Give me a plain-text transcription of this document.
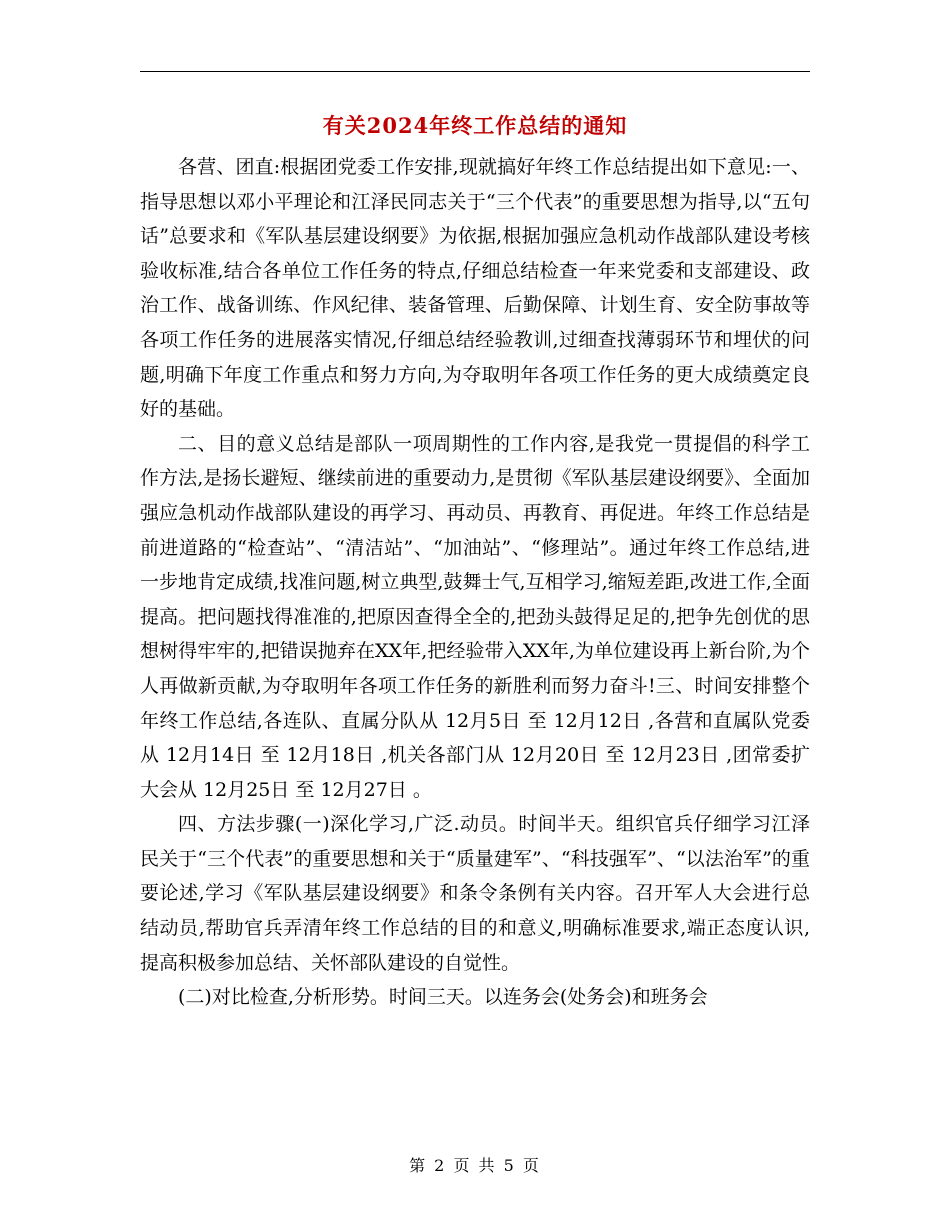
有关2024年终工作总结的通知

各营、团直:根据团党委工作安排,现就搞好年终工作总结提出如下意见:一、指导思想以邓小平理论和江泽民同志关于“三个代表”的重要思想为指导,以“五句话”总要求和《军队基层建设纲要》为依据,根据加强应急机动作战部队建设考核验收标准,结合各单位工作任务的特点,仔细总结检查一年来党委和支部建设、政治工作、战备训练、作风纪律、装备管理、后勤保障、计划生育、安全防事故等各项工作任务的进展落实情况,仔细总结经验教训,过细查找薄弱环节和埋伏的问题,明确下年度工作重点和努力方向,为夺取明年各项工作任务的更大成绩奠定良好的基础。

二、目的意义总结是部队一项周期性的工作内容,是我党一贯提倡的科学工作方法,是扬长避短、继续前进的重要动力,是贯彻《军队基层建设纲要》、全面加强应急机动作战部队建设的再学习、再动员、再教育、再促进。年终工作总结是前进道路的“检查站”、“清洁站”、“加油站”、“修理站”。通过年终工作总结,进一步地肯定成绩,找准问题,树立典型,鼓舞士气,互相学习,缩短差距,改进工作,全面提高。把问题找得准准的,把原因查得全全的,把劲头鼓得足足的,把争先创优的思想树得牢牢的,把错误抛弃在XX年,把经验带入XX年,为单位建设再上新台阶,为个人再做新贡献,为夺取明年各项工作任务的新胜利而努力奋斗!三、时间安排整个年终工作总结,各连队、直属分队从 12月5日 至 12月12日 ,各营和直属队党委从 12月14日 至 12月18日 ,机关各部门从 12月20日 至 12月23日 ,团常委扩大会从 12月25日 至 12月27日 。

四、方法步骤(一)深化学习,广泛.动员。时间半天。组织官兵仔细学习江泽民关于“三个代表”的重要思想和关于“质量建军”、“科技强军”、“以法治军”的重要论述,学习《军队基层建设纲要》和条令条例有关内容。召开军人大会进行总结动员,帮助官兵弄清年终工作总结的目的和意义,明确标准要求,端正态度认识,提高积极参加总结、关怀部队建设的自觉性。

(二)对比检查,分析形势。时间三天。以连务会(处务会)和班务会

第 2 页 共 5 页
